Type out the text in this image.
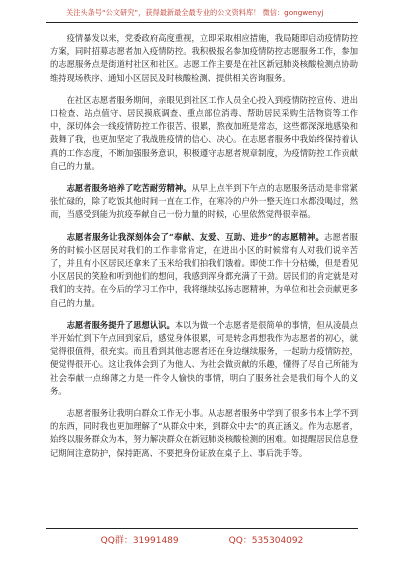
关注头条号“公文研究”，获得最新最全最专业的公文资料库！ 微信：gongwenyj

疫情暴发以来，党委政府高度重视，立即采取相应措施，我局随即启动疫情防控方案，同时招募志愿者加入疫情防控。我积极报名参加疫情防控志愿服务工作，参加的志愿服务点是街道村社区和社区。志愿工作主要是在社区新冠肺炎核酸检测点协助维持现场秩序、通知小区居民及时核酸检测、提供相关咨询服务。

在社区志愿者服务期间，亲眼见到社区工作人员全心投入到疫情防控宣传、进出口检查、站点值守、居民摸底调查、重点部位消毒、帮助居民采购生活物资等工作中，深切体会一线疫情防控工作很苦、很累，熬夜加班是常态，这些都深深地感染和鼓舞了我，也更加坚定了我战胜疫情的信心、决心。在志愿者服务中我始终保持着认真的工作态度，不断加强服务意识，积极遵守志愿者规章制度，为疫情防控工作贡献自己的力量。

志愿者服务培养了吃苦耐劳精神。从早上点半到下午点的志愿服务活动是非常紧张忙碌的，除了吃饭其他时间一直在工作，在寒冷的户外一整天连口水都没喝过，然而，当感受到能为抗疫奉献自己一份力量的时候，心里依然觉得很幸福。

志愿者服务让我深刻体会了“奉献、友爱、互助、进步”的志愿精神。志愿者服务的时候小区居民对我们的工作非常肯定，在进出小区的时候常有人对我们说辛苦了，并且有小区居民还拿来了玉米给我们拍我们饿着。即使工作十分枯燥，但是看见小区居民的笑脸和听到他们的想问，我感到浑身都充满了干劲。居民们的肯定就是对我们的支持。在今后的学习工作中，我将继续弘扬志愿精神，为单位和社会贡献更多自己的力量。

志愿者服务提升了思想认识。本以为做一个志愿者是很简单的事情，但从凌晨点半开始忙到下午点回到家后，感觉身体很累，可是转念再想我作为志愿者的初心，就觉得很值得，很充实。而且看到其他志愿者还在身边继续服务，一起助力疫情防控，便觉得很开心。这让我体会到了为他人、为社会做贡献的乐趣，懂得了尽自己所能为社会奉献一点绵薄之力是一件令人愉快的事情，明白了服务社会是我们每个人的义务。

志愿者服务让我明白群众工作无小事。从志愿者服务中学到了很多书本上学不到的东西，同时我也更加理解了“从群众中来，到群众中去”的真正涵义。作为志愿者，始终以服务群众为本，努力解决群众在新冠肺炎核酸检测的困难。如提醒居民信息登记期间注意防护，保持距离、不要把身份证放在桌子上、事后洗手等。

QQ群：31991489	QQ：535304092
